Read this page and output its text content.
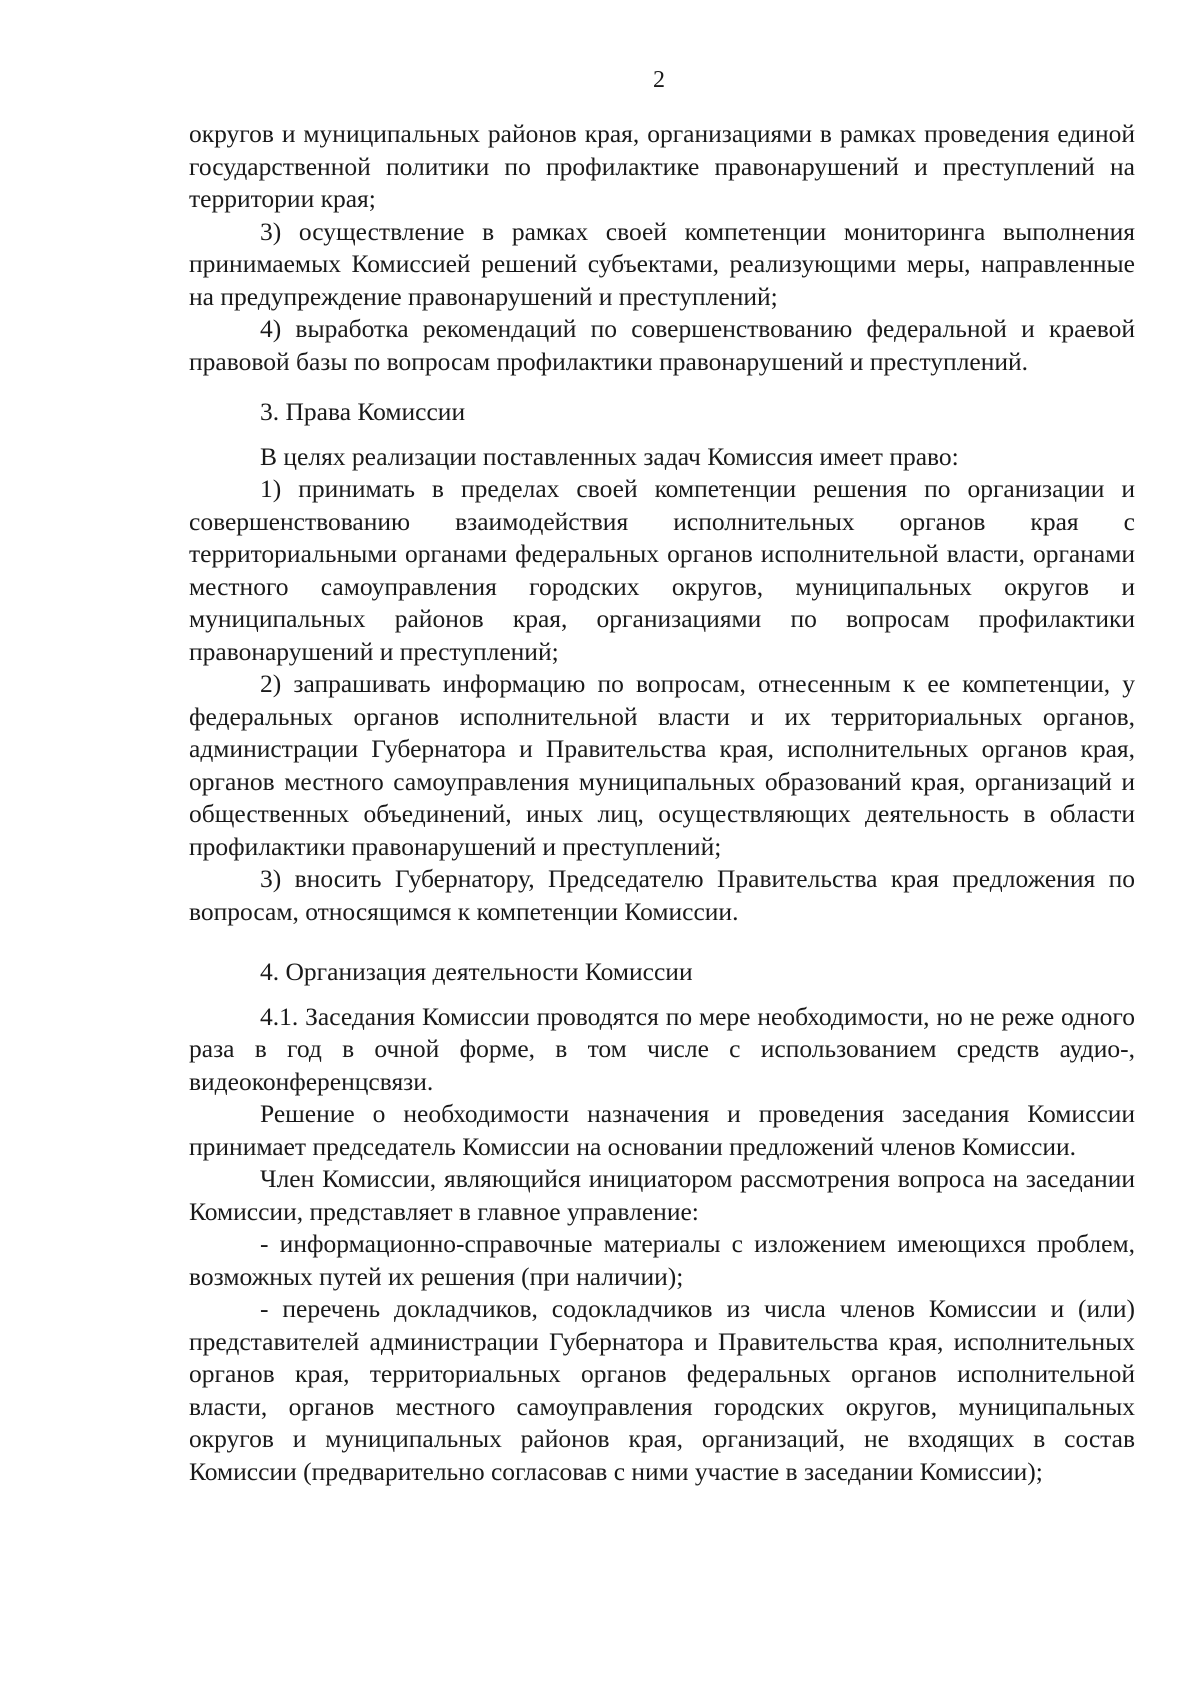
2

округов и муниципальных районов края, организациями в рамках проведения единой государственной политики по профилактике правонарушений и преступлений на территории края;

3) осуществление в рамках своей компетенции мониторинга выполнения принимаемых Комиссией решений субъектами, реализующими меры, направленные на предупреждение правонарушений и преступлений;

4) выработка рекомендаций по совершенствованию федеральной и краевой правовой базы по вопросам профилактики правонарушений и преступлений.

3. Права Комиссии

В целях реализации поставленных задач Комиссия имеет право:

1) принимать в пределах своей компетенции решения по организации и совершенствованию взаимодействия исполнительных органов края с территориальными органами федеральных органов исполнительной власти, органами местного самоуправления городских округов, муниципальных округов и муниципальных районов края, организациями по вопросам профилактики правонарушений и преступлений;

2) запрашивать информацию по вопросам, отнесенным к ее компетенции, у федеральных органов исполнительной власти и их территориальных органов, администрации Губернатора и Правительства края, исполнительных органов края, органов местного самоуправления муниципальных образований края, организаций и общественных объединений, иных лиц, осуществляющих деятельность в области профилактики правонарушений и преступлений;

3) вносить Губернатору, Председателю Правительства края предложения по вопросам, относящимся к компетенции Комиссии.

4. Организация деятельности Комиссии

4.1. Заседания Комиссии проводятся по мере необходимости, но не реже одного раза в год в очной форме, в том числе с использованием средств аудио-, видеоконференцсвязи.

Решение о необходимости назначения и проведения заседания Комиссии принимает председатель Комиссии на основании предложений членов Комиссии.

Член Комиссии, являющийся инициатором рассмотрения вопроса на заседании Комиссии, представляет в главное управление:

- информационно-справочные материалы с изложением имеющихся проблем, возможных путей их решения (при наличии);

- перечень докладчиков, содокладчиков из числа членов Комиссии и (или) представителей администрации Губернатора и Правительства края, исполнительных органов края, территориальных органов федеральных органов исполнительной власти, органов местного самоуправления городских округов, муниципальных округов и муниципальных районов края, организаций, не входящих в состав Комиссии (предварительно согласовав с ними участие в заседании Комиссии);
